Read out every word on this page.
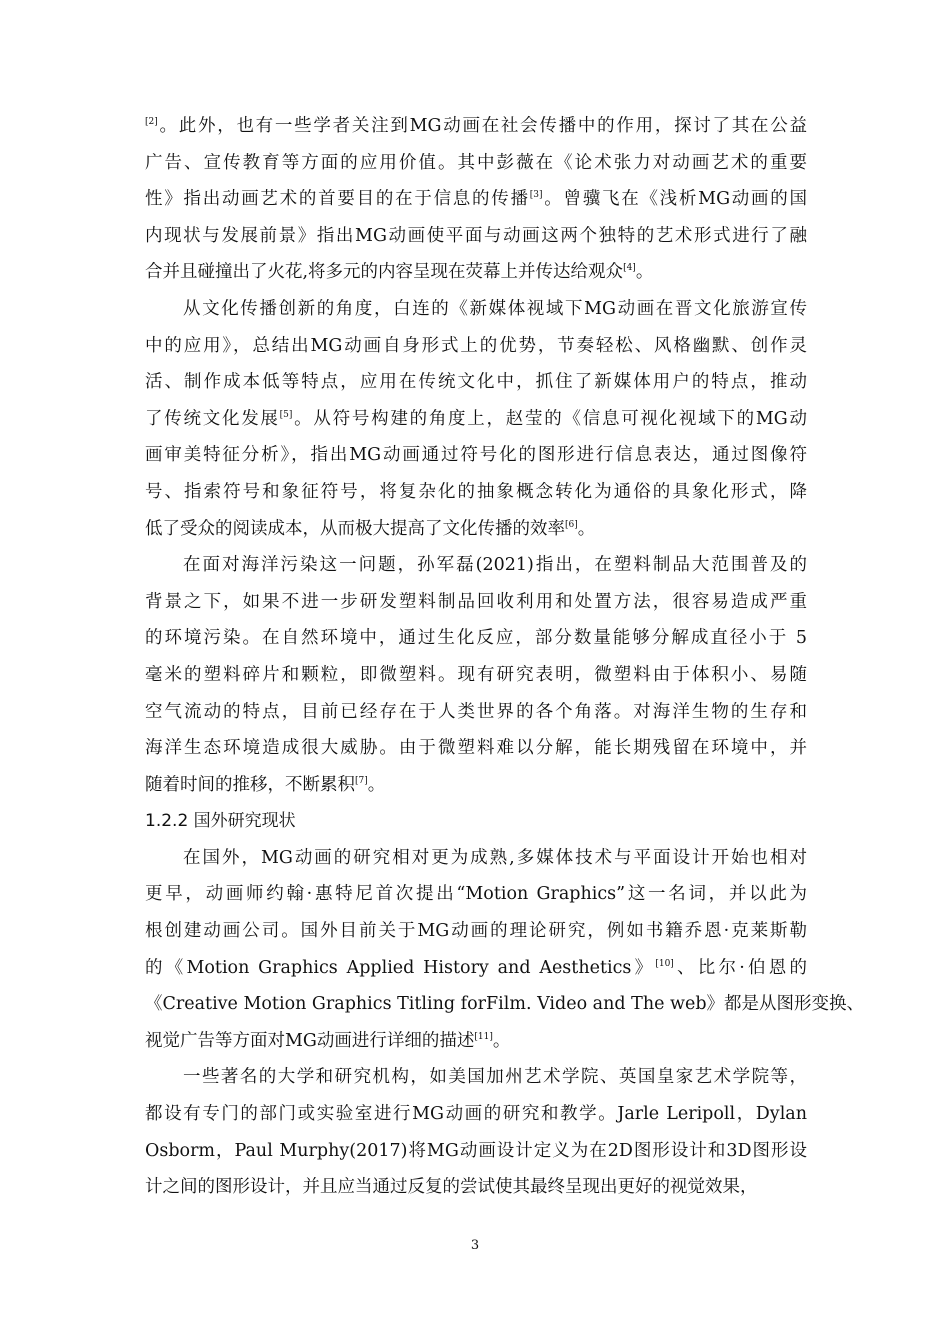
[2]。此外，也有一些学者关注到MG动画在社会传播中的作用，探讨了其在公益
广告、宣传教育等方面的应用价值。其中彭薇在《论术张力对动画艺术的重要
性》指出动画艺术的首要目的在于信息的传播[3]。曾骥飞在《浅析MG动画的国
内现状与发展前景》指出MG动画使平面与动画这两个独特的艺术形式进行了融
合并且碰撞出了火花,将多元的内容呈现在荧幕上并传达给观众[4]。
从文化传播创新的角度，白连的《新媒体视域下MG动画在晋文化旅游宣传
中的应用》，总结出MG动画自身形式上的优势，节奏轻松、风格幽默、创作灵
活、制作成本低等特点，应用在传统文化中，抓住了新媒体用户的特点，推动
了传统文化发展[5]。从符号构建的角度上，赵莹的《信息可视化视域下的MG动
画审美特征分析》，指出MG动画通过符号化的图形进行信息表达，通过图像符
号、指索符号和象征符号，将复杂化的抽象概念转化为通俗的具象化形式，降
低了受众的阅读成本，从而极大提高了文化传播的效率[6]。
在面对海洋污染这一问题，孙军磊(2021)指出，在塑料制品大范围普及的
背景之下，如果不进一步研发塑料制品回收利用和处置方法，很容易造成严重
的环境污染。在自然环境中，通过生化反应，部分数量能够分解成直径小于 5
毫米的塑料碎片和颗粒，即微塑料。现有研究表明，微塑料由于体积小、易随
空气流动的特点，目前已经存在于人类世界的各个角落。对海洋生物的生存和
海洋生态环境造成很大威胁。由于微塑料难以分解，能长期残留在环境中，并
随着时间的推移，不断累积[7]。
1.2.2 国外研究现状
在国外，MG动画的研究相对更为成熟,多媒体技术与平面设计开始也相对
更早，动画师约翰·惠特尼首次提出“Motion Graphics”这一名词，并以此为
根创建动画公司。国外目前关于MG动画的理论研究，例如书籍乔恩·克莱斯勒
的《Motion Graphics Applied History and Aesthetics》[10]、比尔·伯恩的
《Creative Motion Graphics Titling forFilm. Video and The web》都是从图形变换、
视觉广告等方面对MG动画进行详细的描述[11]。
一些著名的大学和研究机构，如美国加州艺术学院、英国皇家艺术学院等，
都设有专门的部门或实验室进行MG动画的研究和教学。Jarle Leripoll，Dylan
Osborm，Paul Murphy(2017)将MG动画设计定义为在2D图形设计和3D图形设
计之间的图形设计，并且应当通过反复的尝试使其最终呈现出更好的视觉效果，
3
